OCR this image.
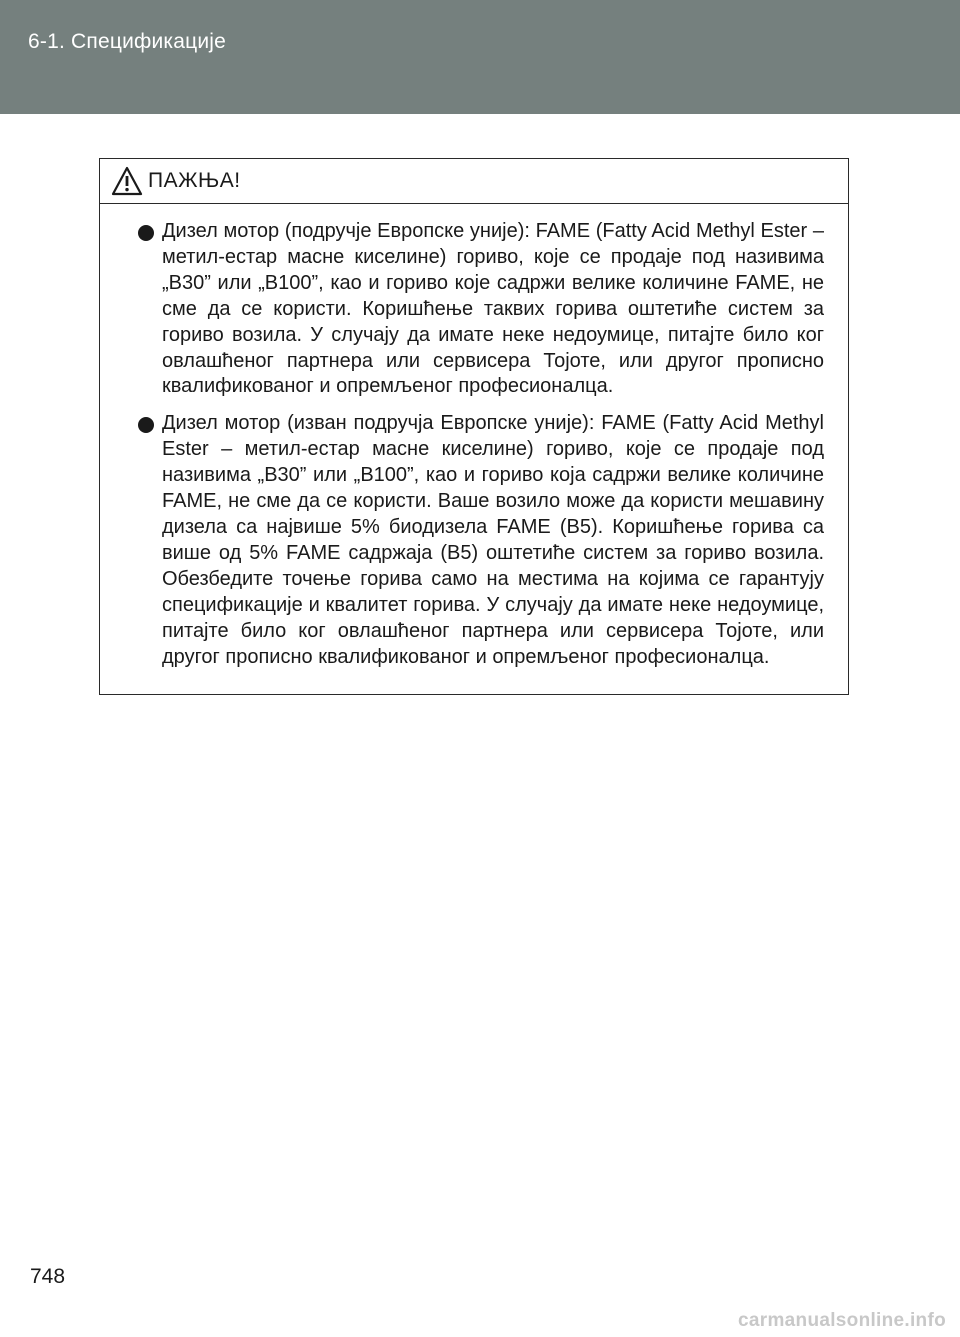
6-1. Спецификације
ПАЖЊА!
Дизел мотор (подручје Европске уније): FAME (Fatty Acid Methyl Ester – метил-естар масне киселине) гориво, које се продаје под називима „B30” или „B100”, као и гориво које садржи велике количине FAME, не сме да се користи. Коришћење таквих горива оштетиће систем за гориво возила. У случају да имате неке недоумице, питајте било ког овлашћеног партнера или сервисера Тојоте, или другог прописно квалификованог и опремљеног професионалца.
Дизел мотор (изван подручја Европске уније): FAME (Fatty Acid Methyl Ester – метил-естар масне киселине) гориво, које се продаје под називима „B30” или „B100”, као и гориво која садржи велике количине FAME, не сме да се користи. Ваше возило може да користи мешавину дизела са највише 5% биодизела FAME (B5). Коришћење горива са више од 5% FAME садржаја (B5) оштетиће систем за гориво возила. Обезбедите точење горива само на местима на којима се гарантују спецификације и квалитет горива. У случају да имате неке недоумице, питајте било ког овлашћеног партнера или сервисера Тојоте, или другог прописно квалификованог и опремљеног професионалца.
748
carmanualsonline.info
